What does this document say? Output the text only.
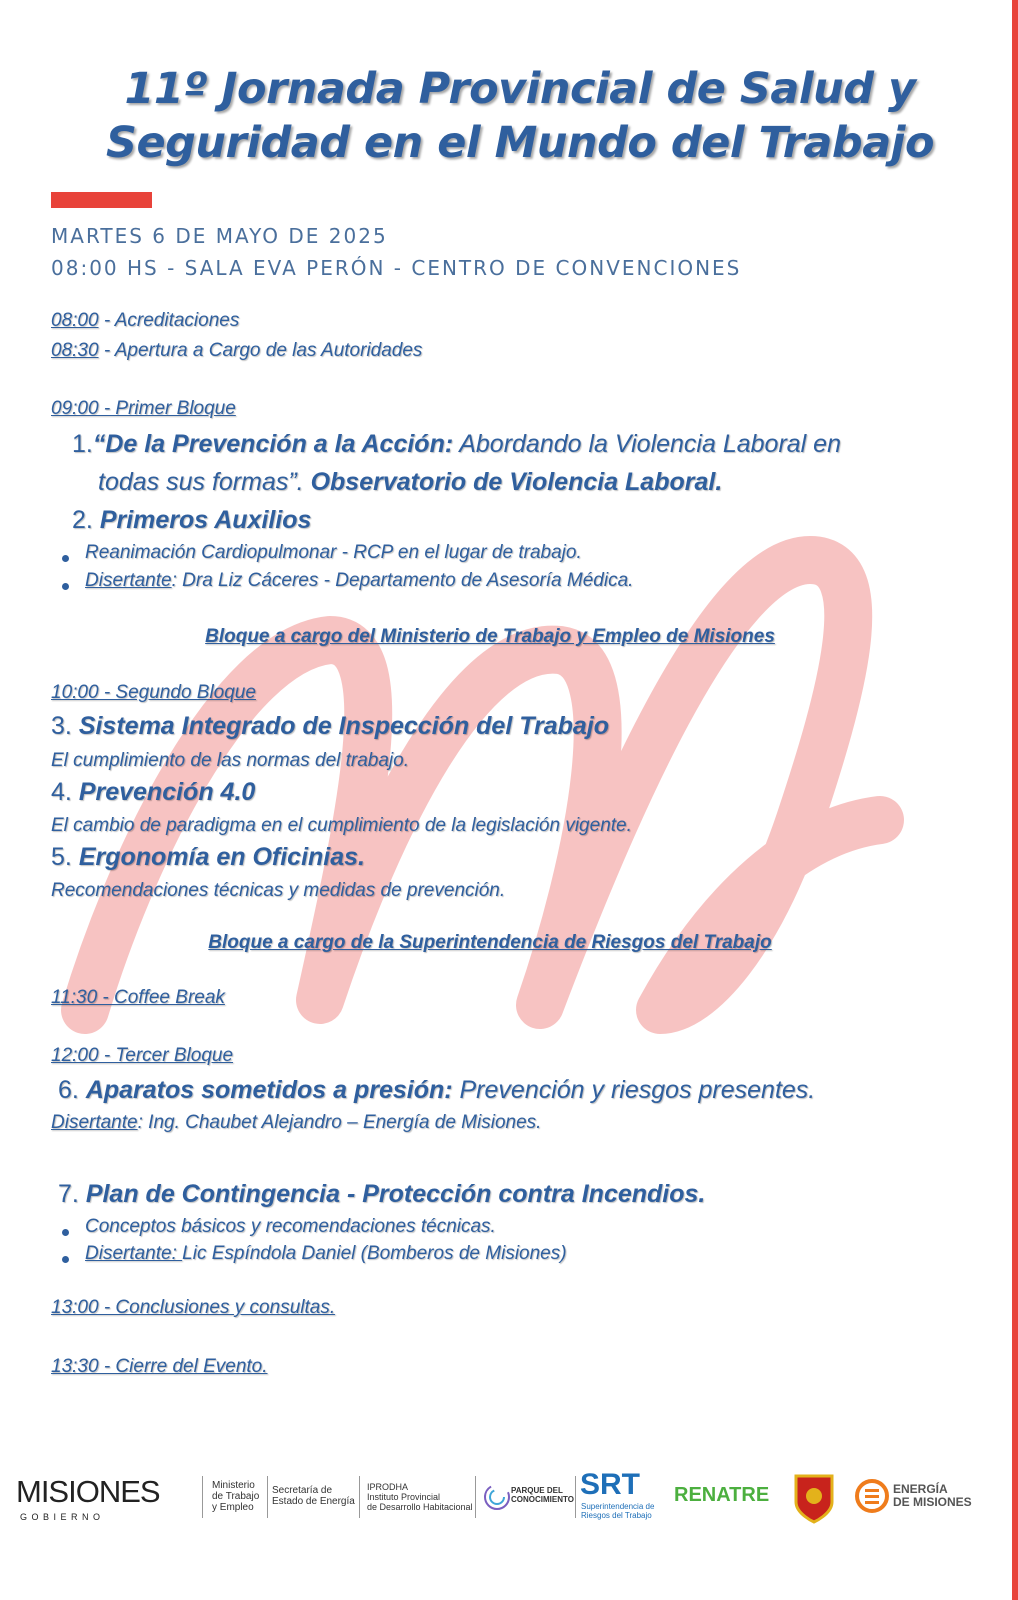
11º Jornada Provincial de Salud y
Seguridad en el Mundo del Trabajo
MARTES 6 DE MAYO DE 2025
08:00 HS - SALA EVA PERÓN - CENTRO DE CONVENCIONES
08:00 - Acreditaciones
08:30 - Apertura a Cargo de las Autoridades
09:00 - Primer Bloque
1.“De la Prevención a la Acción: Abordando la Violencia Laboral en
todas sus formas”. Observatorio de Violencia Laboral.
2. Primeros Auxilios
Reanimación Cardiopulmonar - RCP en el lugar de trabajo.
Disertante: Dra Liz Cáceres - Departamento de Asesoría Médica.
Bloque a cargo del Ministerio de Trabajo y Empleo de Misiones
10:00 - Segundo Bloque
3. Sistema Integrado de Inspección del Trabajo
El cumplimiento de las normas del trabajo.
4. Prevención 4.0
El cambio de paradigma en el cumplimiento de la legislación vigente.
5. Ergonomía en Oficinias.
Recomendaciones técnicas y medidas de prevención.
Bloque a cargo de la Superintendencia de Riesgos del Trabajo
11:30 - Coffee Break
12:00 - Tercer Bloque
6. Aparatos sometidos a presión: Prevención y riesgos presentes.
Disertante: Ing. Chaubet Alejandro – Energía de Misiones.
7. Plan de Contingencia - Protección contra Incendios.
Conceptos básicos y recomendaciones técnicas.
Disertante: Lic Espíndola Daniel (Bomberos de Misiones)
13:00 - Conclusiones y consultas.
13:30 - Cierre del Evento.
MISIONES
G O B I E R N O
Ministerio
de Trabajo
y Empleo
Secretaría de
Estado de Energía
IPRODHA
Instituto Provincial
de Desarrollo Habitacional
PARQUE DEL
CONOCIMIENTO SRT
Superintendencia de
Riesgos del Trabajo
RENATRE	ENERGÍA
DE MISIONES
